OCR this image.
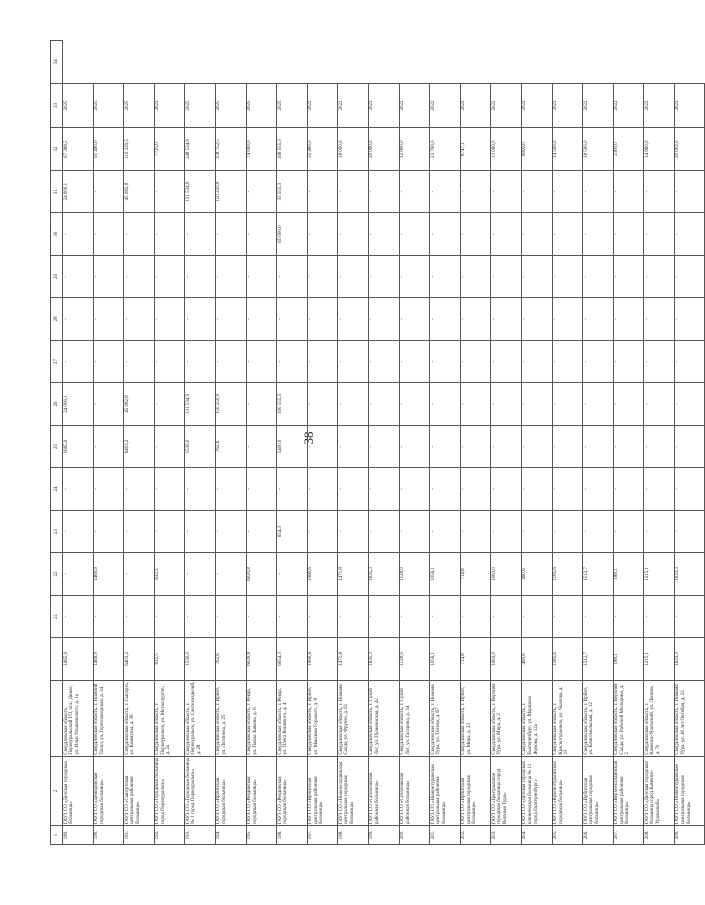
38
1	2			21	22	23	24	25	26	27	28	29	30	31	32	33	34
189.	ГАУЗ СО «Детская городская больница»	Свердловская область, Первоуральский ГО, пос. Динас, ул. Ильи Ульяновского, д. 1а	1665,9	-	-	-	-	1665,9	24 000,1	-	-	-	-	24 000,1	67 388,5	2025	
190.	ГАУЗ СО «Демидовская городская больница»	Свердловская область, г. Нижний Тагил, ул. Горнозаводская, д. 34	1469,9	-	1469,9	-	-	-	-	-	-	-	-	-	91 490,0	2025	
191.	ГАУЗ СО «Сысертская центральная районная больница»	Свердловская область, г. Сысерть, ул. Коммуны, д. 36	6403,2	-	-	-	-	6403,2	45 082,8	-	-	-	-	45 082,8	110 329,5	2025	
192.	ГАУЗ СО «Городская больница город Первоуральск»	Свердловская область, г. Первоуральск, ул. Металлургов, д. 2а	632,5	-	632,5	-	-	-	-	-	-	-	-	-	7735,0	2022	
193.	ГАУЗ СО «Городская больница № 1 город Первоуральск»	Свердловская область, г. Первоуральск, ул. Сантехизделий, д. 28	1530,0	-	-	-	-	1530,0	131 534,9	-	-	-	-	131 534,9	148 534,9	2025	
194.	ГАУЗ СО «Ирбитская городская больница»	Свердловская область, г. Ирбит, ул. Логинова, д. 25	762,6	-	-	-	-	762,6	150 250,9	-	-	-	-	150 250,9	158 752,5	2025	
195.	ГАУЗ СО «Ревдинская городская больница»	Свердловская область, г. Ревда, ул. Павла Зыкина, д. 6	6020,8	-	6020,8	-	-	-	-	-	-	-	-	-	74 000,0	2025	
196.	ГАУЗ СО «Ревдинская городская больница»	Свердловская область, г. Ревда, ул. Олега Кошевого, д. 4	6054,3	-	-	654,3	-	5400,0	100 555,3	-	-	-	65 000,0	35 555,3	168 555,3	2025	
197.	ГАУЗ СО «Ирбитская центральная районная больница»	Свердловская область, г. Ирбит, ул. Максима Горького, д. 8	1960,6	-	1960,6	-	-	-	-	-	-	-	-	-	32 400,0	2022	
198.	ГАУЗ СО «Нижнесалдинская центральная городская больница»	Свердловская область, г. Нижняя Салда, ул. Фрунзе, д. 61	1471,8	-	1471,8	-	-	-	-	-	-	-	-	-	18 000,0	2022	
199.	ГАУЗ СО «Сухоложская районная больница»	Свердловская область, г. Сухой Лог, ул. Пушкинская, д. 42	1635,3	-	1635,3	-	-	-	-	-	-	-	-	-	20 000,0	2022	
200.	ГАУЗ СО «Сухоложская районная больница»	Свердловская область, г. Сухой Лог, ул. Гагарина, д. 34	1128,9	-	1128,9	-	-	-	-	-	-	-	-	-	12 800,0	2022	
201.	ГАУЗ СО «Нижнетуринская центральная районная больница»	Свердловская область, г. Нижняя Тура, ул. Титова, д. 67	1056,1	-	1056,1	-	-	-	-	-	-	-	-	-	23 700,0	2022	
202.	ГАУЗ СО «Ирбитская центральная городская больница»	Свердловская область, г. Ирбит, ул. Мира, д. 23	714,8	-	714,8	-	-	-	-	-	-	-	-	-	8747,1	2022	
203.	ГАУЗ СО «Центральная городская больница город Верхняя Тура»	Свердловская область, г. Верхняя Тура, ул. Мира, д. 2	1063,0	-	1063,0	-	-	-	-	-	-	-	-	-	13 000,0	2022	
204.	ГАУЗ СО «Детская городская клиническая больница № 11 город Екатеринбург»	Свердловская область, г. Екатеринбург, ул. Маршала Жукова, д. 12а	490,6	-	490,6	-	-	-	-	-	-	-	-	-	6000,0	2022	
205.	ГАУЗ СО «Краснотурьинская городская больница»	Свердловская область, г. Краснотурьинск, ул. Чкалова, д. 23	1185,6	-	1185,6	-	-	-	-	-	-	-	-	-	14 500,0	2022	
206.	ГАУЗ СО «Ирбитская центральная городская больница»	Свердловская область, г. Ирбит, ул. Комсомольская, д. 12	1512,7	-	1512,7	-	-	-	-	-	-	-	-	-	18 500,0	2022	
207.	ГАУЗ СО «Верхнесалдинская центральная районная больница»	Свердловская область, г. Верхняя Салда, ул. Рабочей Молодежи, д. 2	188,1	-	188,1	-	-	-	-	-	-	-	-	-	2300,0	2022	
208.	ГАУЗ СО «Детская городская больница город Каменск-Уральский»	Свердловская область, г. Каменск-Уральский, ул. Ленина, д. 70	1215,1	-	1215,1	-	-	-	-	-	-	-	-	-	14 860,0	2022	
209.	ГАУЗ СО «Нижнетуринская центральная городская больница»	Свердловская область, г. Нижняя Тура, ул. 40 лет Октября, д. 22	1633,3	-	1633,3	-	-	-	-	-	-	-	-	-	20 002,0	2022	
